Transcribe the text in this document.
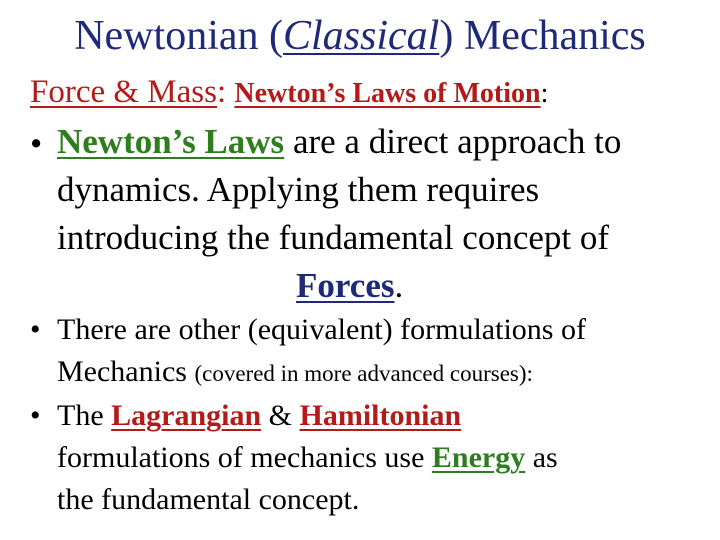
Newtonian (Classical) Mechanics
Force & Mass: Newton’s Laws of Motion:
• Newton’s Laws are a direct approach to
dynamics. Applying them requires
introducing the fundamental concept of
Forces.
• There are other (equivalent) formulations of
Mechanics (covered in more advanced courses):
• The Lagrangian & Hamiltonian
formulations of mechanics use Energy as
the fundamental concept.
